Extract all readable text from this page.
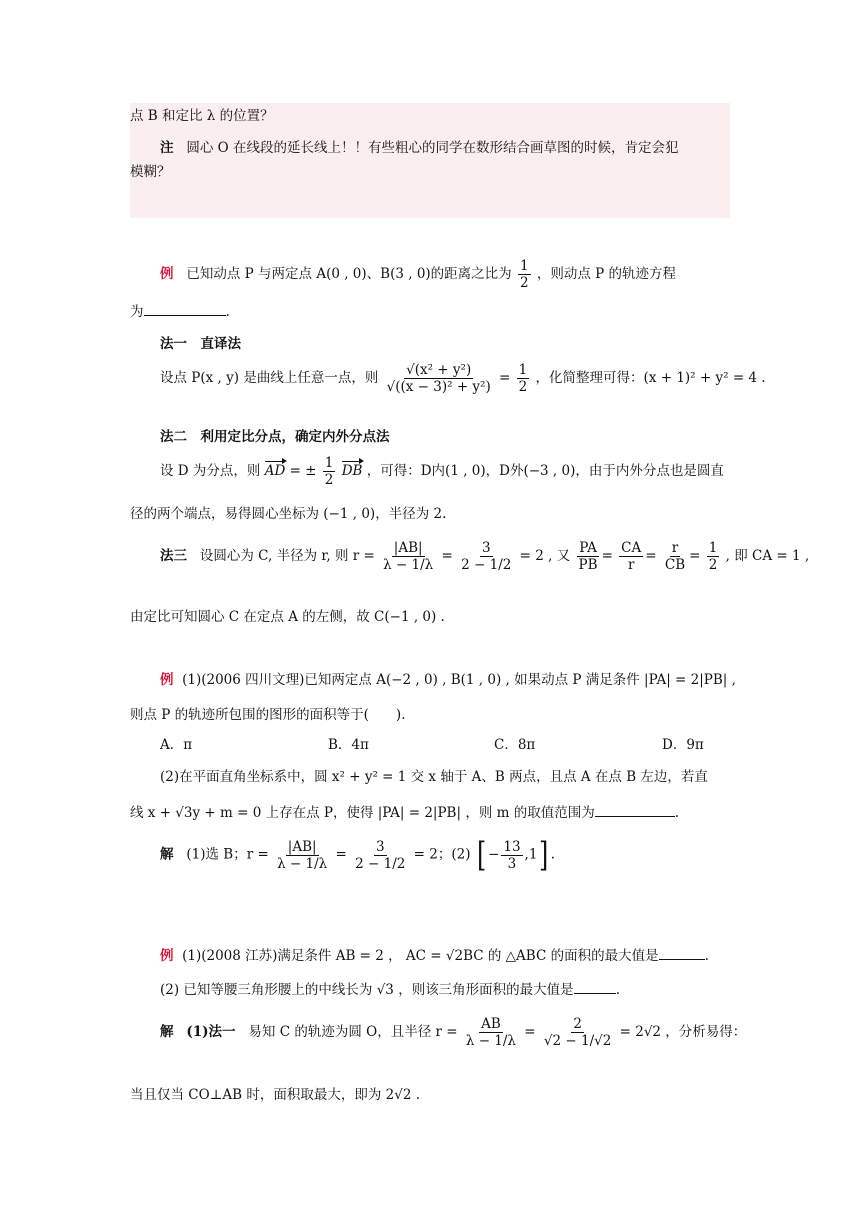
点 B 和定比 λ 的位置？
注 圆心 O 在线段的延长线上！！有些粗心的同学在数形结合画草图的时候，肯定会犯
模糊？
例 已知动点 P 与两定点 A(0 , 0)、B(3 , 0)的距离之比为 $\frac{1}{2}$ ，则动点 P 的轨迹方程
为	.
法一　直译法
设点 P(x , y) 是曲线上任意一点，则 $\frac{\text{√(x² + y²)}}{\text{√((x − 3)² + y²)}} = \frac{1}{2}$ ，化简整理可得：(x + 1)² + y² = 4 .
法二　利用定比分点，确定内外分点法
设 D 为分点，则 AD = ± $\frac{1}{2}$ DB ，可得：D内(1 , 0)，D外(−3 , 0)，由于内外分点也是圆直
径的两个端点，易得圆心坐标为 (−1 , 0)，半径为 2.
法三 设圆心为 C, 半径为 r, 则 $r = \frac{|AB|}{\lambda - 1/\lambda} = \frac{3}{2 - 1/2} = 2$ , 又 $\frac{PA}{PB} = \frac{CA}{r} = \frac{r}{CB} = \frac{1}{2}$ , 即 CA = 1 ,
由定比可知圆心 C 在定点 A 的左侧，故 C(−1 , 0) .
例 (1)(2006 四川文理)已知两定点 A(−2 , 0) , B(1 , 0) , 如果动点 P 满足条件 |PA| = 2|PB| ,
则点 P 的轨迹所包围的图形的面积等于(　　).
A．π	B．4π	C．8π	D．9π
(2)在平面直角坐标系中，圆 x² + y² = 1 交 x 轴于 A、B 两点，且点 A 在点 B 左边，若直
线 x + √3y + m = 0 上存在点 P，使得 |PA| = 2|PB| ，则 m 的取值范围为	.
解 (1)选 B；$r = \frac{|AB|}{\lambda - 1/\lambda} = \frac{3}{2 - 1/2} = 2$；(2) [ − $\frac{13}{3} ,1$] .
例 (1)(2008 江苏)满足条件 AB = 2 ， AC = √2BC 的 △ABC 的面积的最大值是	.
(2) 已知等腰三角形腰上的中线长为 √3 ，则该三角形面积的最大值是	.
解 (1)法一 易知 C 的轨迹为圆 O，且半径 $r = \frac{AB}{\lambda - 1/\lambda} = \frac{2}{√2 - 1/√2} = 2√2$ ，分析易得：
当且仅当 CO⊥AB 时，面积取最大，即为 2√2 .
